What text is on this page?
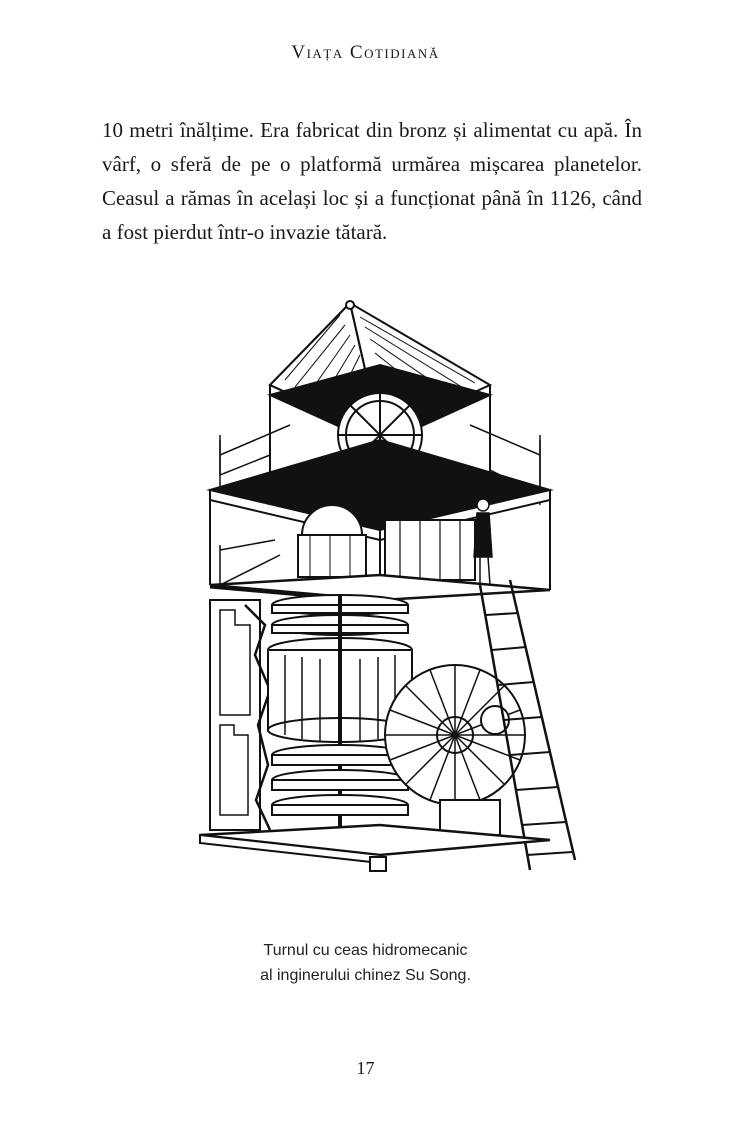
Viața Cotidiană

10 metri înălțime. Era fabricat din bronz și alimentat cu apă. În vârf, o sferă de pe o platformă urmărea mișcarea planetelor. Ceasul a rămas în același loc și a funcționat până în 1126, când a fost pierdut într-o invazie tătară.

Turnul cu ceas hidromecanic
al inginerului chinez Su Song.
17
